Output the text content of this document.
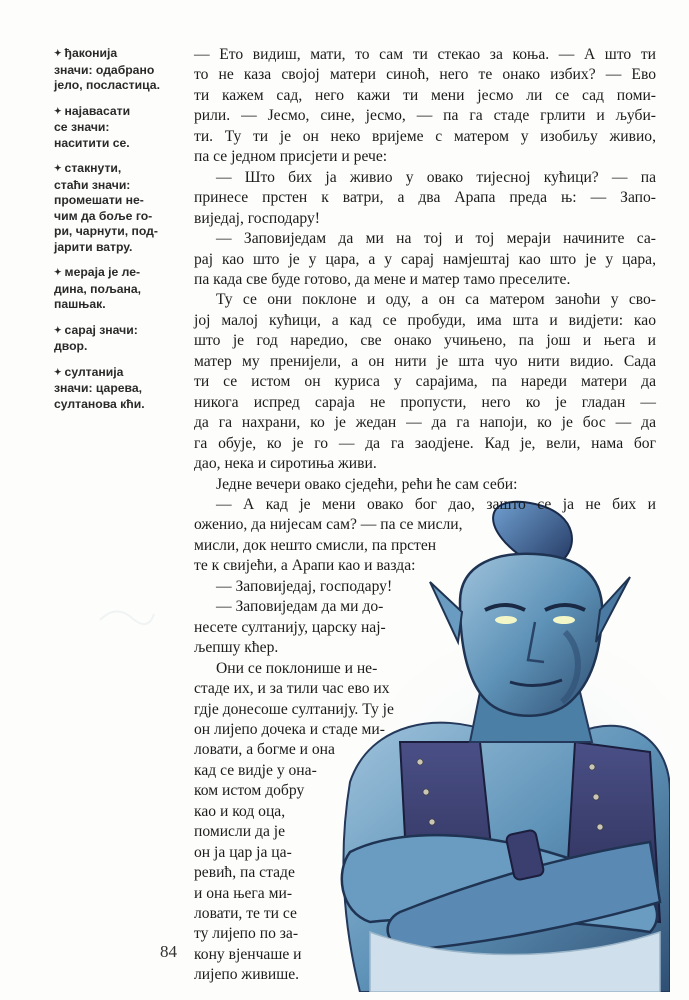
✦ ђаконија
значи: одабрано
јело, посластица.
✦ најавасати
се значи:
наситити се.
✦ стакнути,
стаћи значи:
промешати не-
чим да боље го-
ри, чарнути, под-
јарити ватру.
✦ мераја је ле-
дина, пољана,
пашњак.
✦ сарај значи:
двор.
✦ султанија
значи: царева,
султанова кћи.
— Ето видиш, мати, то сам ти стекао за коња. — А што ти
то не каза својој матери синоћ, него те онако избих? — Ево
ти кажем сад, него кажи ти мени јесмо ли се сад поми-
рили. — Јесмо, сине, јесмо, — па га стаде грлити и љуби-
ти. Ту ти је он неко вријеме с матером у изобиљу живио,
па се једном присјети и рече:
— Што бих ја живио у овако тијесној кућици? — па
принесе прстен к ватри, а два Арапа преда њ: — Запо-
виједај, господару!
— Заповиједам да ми на тој и тој мераји начините са-
рај као што је у цара, а у сарај намјештај као што је у цара,
па када све буде готово, да мене и матер тамо преселите.
Ту се они поклоне и оду, а он са матером заноћи у сво-
јој малој кућици, а кад се пробуди, има шта и видјети: као
што је год наредио, све онако учињено, па још и њега и
матер му пренијели, а он нити је шта чуо нити видио. Сада
ти се истом он куриса у сарајима, па нареди матери да
никога испред сараја не пропусти, него ко је гладан —
да га нахрани, ко је жедан — да га напоји, ко је бос — да
га обује, ко је го — да га заодјене. Кад је, вели, нама бог
дао, нека и сиротиња живи.
Једне вечери овако сједећи, рећи ће сам себи:
— А кад је мени овако бог дао, зашто се ја не бих и
оженио, да нијесам сам? — па се мисли,
мисли, док нешто смисли, па прстен
те к свијећи, а Арапи као и вазда:
— Заповиједај, господару!
— Заповиједам да ми до-
несете султанију, царску нај-
љепшу кћер.
Они се поклонише и не-
стаде их, и за тили час ево их
гдје донесоше султанију. Ту је
он лијепо дочека и стаде ми-
ловати, а богме и она
кад се видје у она-
ком истом добру
као и код оца,
помисли да је
он ја цар ја ца-
ревић, па стаде
и она њега ми-
ловати, те ти се
ту лијепо по за-
кону вјенчаше и
лијепо живише.
84
